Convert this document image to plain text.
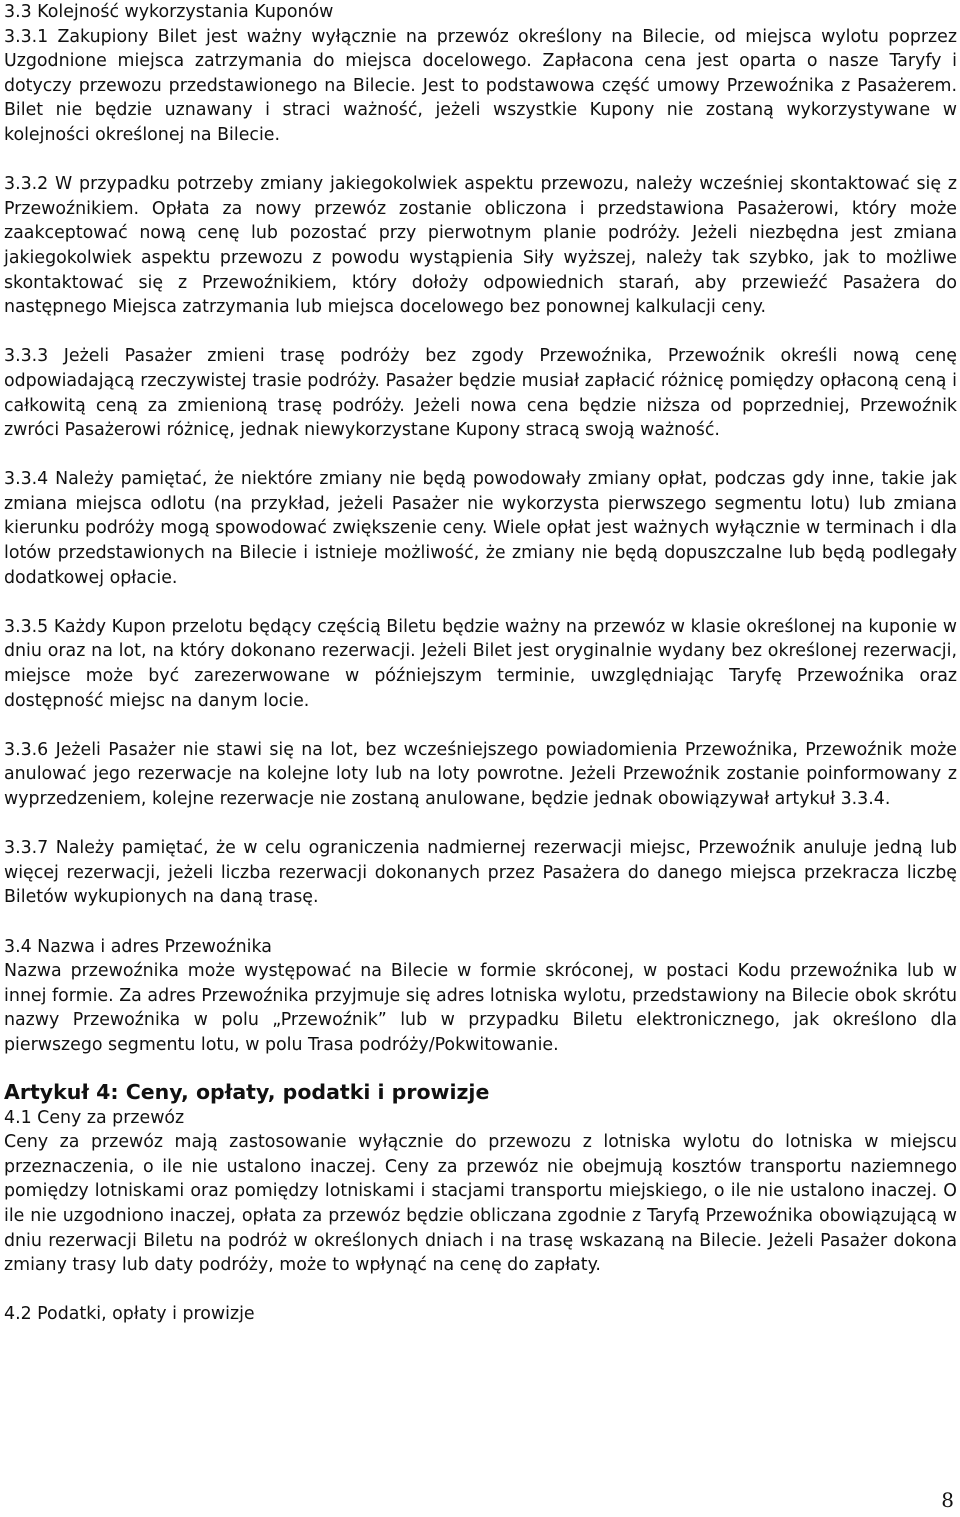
3.3 Kolejność wykorzystania Kuponów

3.3.1 Zakupiony Bilet jest ważny wyłącznie na przewóz określony na Bilecie, od miejsca wylotu poprzez Uzgodnione miejsca zatrzymania do miejsca docelowego. Zapłacona cena jest oparta o nasze Taryfy i dotyczy przewozu przedstawionego na Bilecie. Jest to podstawowa część umowy Przewoźnika z Pasażerem. Bilet nie będzie uznawany i straci ważność, jeżeli wszystkie Kupony nie zostaną wykorzystywane w kolejności określonej na Bilecie.

3.3.2 W przypadku potrzeby zmiany jakiegokolwiek aspektu przewozu, należy wcześniej skontaktować się z Przewoźnikiem. Opłata za nowy przewóz zostanie obliczona i przedstawiona Pasażerowi, który może zaakceptować nową cenę lub pozostać przy pierwotnym planie podróży. Jeżeli niezbędna jest zmiana jakiegokolwiek aspektu przewozu z powodu wystąpienia Siły wyższej, należy tak szybko, jak to możliwe skontaktować się z Przewoźnikiem, który dołoży odpowiednich starań, aby przewieźć Pasażera do następnego Miejsca zatrzymania lub miejsca docelowego bez ponownej kalkulacji ceny.

3.3.3 Jeżeli Pasażer zmieni trasę podróży bez zgody Przewoźnika, Przewoźnik określi nową cenę odpowiadającą rzeczywistej trasie podróży. Pasażer będzie musiał zapłacić różnicę pomiędzy opłaconą ceną i całkowitą ceną za zmienioną trasę podróży. Jeżeli nowa cena będzie niższa od poprzedniej, Przewoźnik zwróci Pasażerowi różnicę, jednak niewykorzystane Kupony stracą swoją ważność.

3.3.4 Należy pamiętać, że niektóre zmiany nie będą powodowały zmiany opłat, podczas gdy inne, takie jak zmiana miejsca odlotu (na przykład, jeżeli Pasażer nie wykorzysta pierwszego segmentu lotu) lub zmiana kierunku podróży mogą spowodować zwiększenie ceny. Wiele opłat jest ważnych wyłącznie w terminach i dla lotów przedstawionych na Bilecie i istnieje możliwość, że zmiany nie będą dopuszczalne lub będą podlegały dodatkowej opłacie.

3.3.5 Każdy Kupon przelotu będący częścią Biletu będzie ważny na przewóz w klasie określonej na kuponie w dniu oraz na lot, na który dokonano rezerwacji. Jeżeli Bilet jest oryginalnie wydany bez określonej rezerwacji, miejsce może być zarezerwowane w późniejszym terminie, uwzględniając Taryfę Przewoźnika oraz dostępność miejsc na danym locie.

3.3.6 Jeżeli Pasażer nie stawi się na lot, bez wcześniejszego powiadomienia Przewoźnika, Przewoźnik może anulować jego rezerwacje na kolejne loty lub na loty powrotne. Jeżeli Przewoźnik zostanie poinformowany z wyprzedzeniem, kolejne rezerwacje nie zostaną anulowane, będzie jednak obowiązywał artykuł 3.3.4.

3.3.7 Należy pamiętać, że w celu ograniczenia nadmiernej rezerwacji miejsc, Przewoźnik anuluje jedną lub więcej rezerwacji, jeżeli liczba rezerwacji dokonanych przez Pasażera do danego miejsca przekracza liczbę Biletów wykupionych na daną trasę.

3.4 Nazwa i adres Przewoźnika

Nazwa przewoźnika może występować na Bilecie w formie skróconej, w postaci Kodu przewoźnika lub w innej formie. Za adres Przewoźnika przyjmuje się adres lotniska wylotu, przedstawiony na Bilecie obok skrótu nazwy Przewoźnika w polu „Przewoźnik” lub w przypadku Biletu elektronicznego, jak określono dla pierwszego segmentu lotu, w polu Trasa podróży/Pokwitowanie.

Artykuł 4: Ceny, opłaty, podatki i prowizje

4.1 Ceny za przewóz

Ceny za przewóz mają zastosowanie wyłącznie do przewozu z lotniska wylotu do lotniska w miejscu przeznaczenia, o ile nie ustalono inaczej. Ceny za przewóz nie obejmują kosztów transportu naziemnego pomiędzy lotniskami oraz pomiędzy lotniskami i stacjami transportu miejskiego, o ile nie ustalono inaczej. O ile nie uzgodniono inaczej, opłata za przewóz będzie obliczana zgodnie z Taryfą Przewoźnika obowiązującą w dniu rezerwacji Biletu na podróż w określonych dniach i na trasę wskazaną na Bilecie. Jeżeli Pasażer dokona zmiany trasy lub daty podróży, może to wpłynąć na cenę do zapłaty.

4.2 Podatki, opłaty i prowizje

8
